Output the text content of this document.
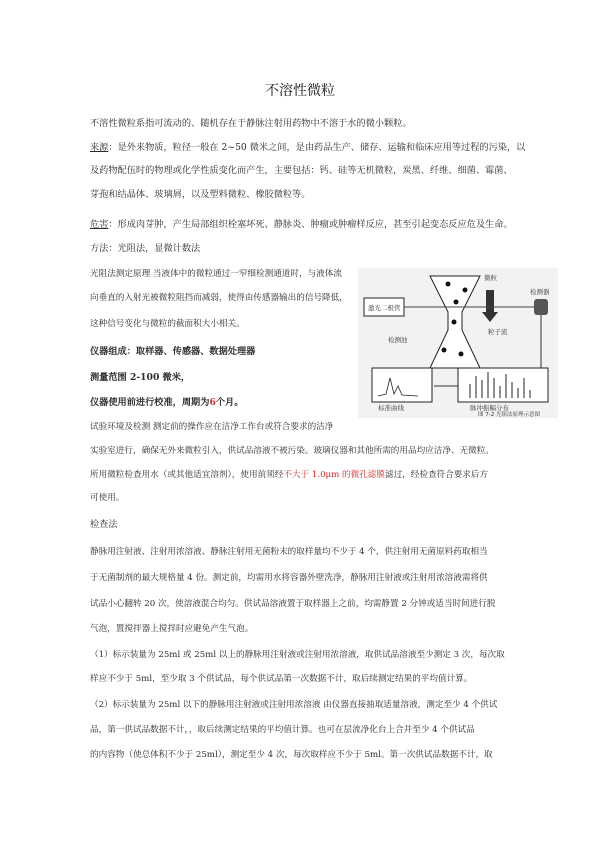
不溶性微粒
不溶性微粒系指可流动的、随机存在于静脉注射用药物中不溶于水的微小颗粒。
来源：是外来物质，粒径一般在 2~50 微米之间，是由药品生产、储存、运输和临床应用等过程的污染，以
及药物配伍时的物理或化学性质变化而产生，主要包括：钙、硅等无机微粒，炭黑、纤维、细菌、霉菌、
芽孢和结晶体、玻璃屑，以及塑料微粒、橡胶微粒等。
危害：形成肉芽肿，产生局部组织栓塞坏死、静脉炎、肿瘤或肿瘤样反应，甚至引起变态反应危及生命。
方法：光阻法，显微计数法
光阻法测定原理 当液体中的微粒通过一窄细检测通道时，与液体流
向垂直的入射光被微粒阻挡而减弱，使得由传感器输出的信号降低，
这种信号变化与微粒的截面积大小相关。
仪器组成：取样器、传感器、数据处理器
测量范围 2-100 微米，
仪器使用前进行校准，周期为6个月。
试验环境及检测 测定前的操作应在洁净工作台或符合要求的洁净
实验室进行，确保无外来微粒引入，供试品溶液不被污染。玻璃仪器和其他所需的用品均应洁净、无微粒。
所用微粒检查用水（或其他适宜溶剂），使用前须经不大于 1.0μm 的微孔滤膜滤过，经检查符合要求后方
可使用。
检查法
静脉用注射液、注射用浓溶液、静脉注射用无菌粉末的取样量均不少于 4 个，供注射用无菌原料药取相当
于无菌制剂的最大规格量 4 份。测定前，均需用水将容器外壁洗净，静脉用注射液或注射用浓溶液需将供
试品小心翻转 20 次，使溶液混合均匀。供试品溶液置于取样器上之前，均需静置 2 分钟或适当时间进行脱
气泡，置搅拌器上搅拌时应避免产生气泡。
（1）标示装量为 25ml 或 25ml 以上的静脉用注射液或注射用浓溶液，取供试品溶液至少测定 3 次，每次取
样应不少于 5ml，至少取 3 个供试品，每个供试品第一次数据不计，取后续测定结果的平均值计算。
（2）标示装量为 25ml 以下的静脉用注射液或注射用浓溶液 由仪器直接抽取适量溶液，测定至少 4 个供试
品，第一供试品数据不计，，取后续测定结果的平均值计算。也可在层流净化台上合并至少 4 个供试品
的内容物（使总体积不少于 25ml），测定至少 4 次，每次取样应不少于 5ml。第一次供试品数据不计，取
粒子流
激光二极管
检测器
微粒
检测池
标准曲线	脉冲振幅分布
图 7-2 光阻法原理示意图
